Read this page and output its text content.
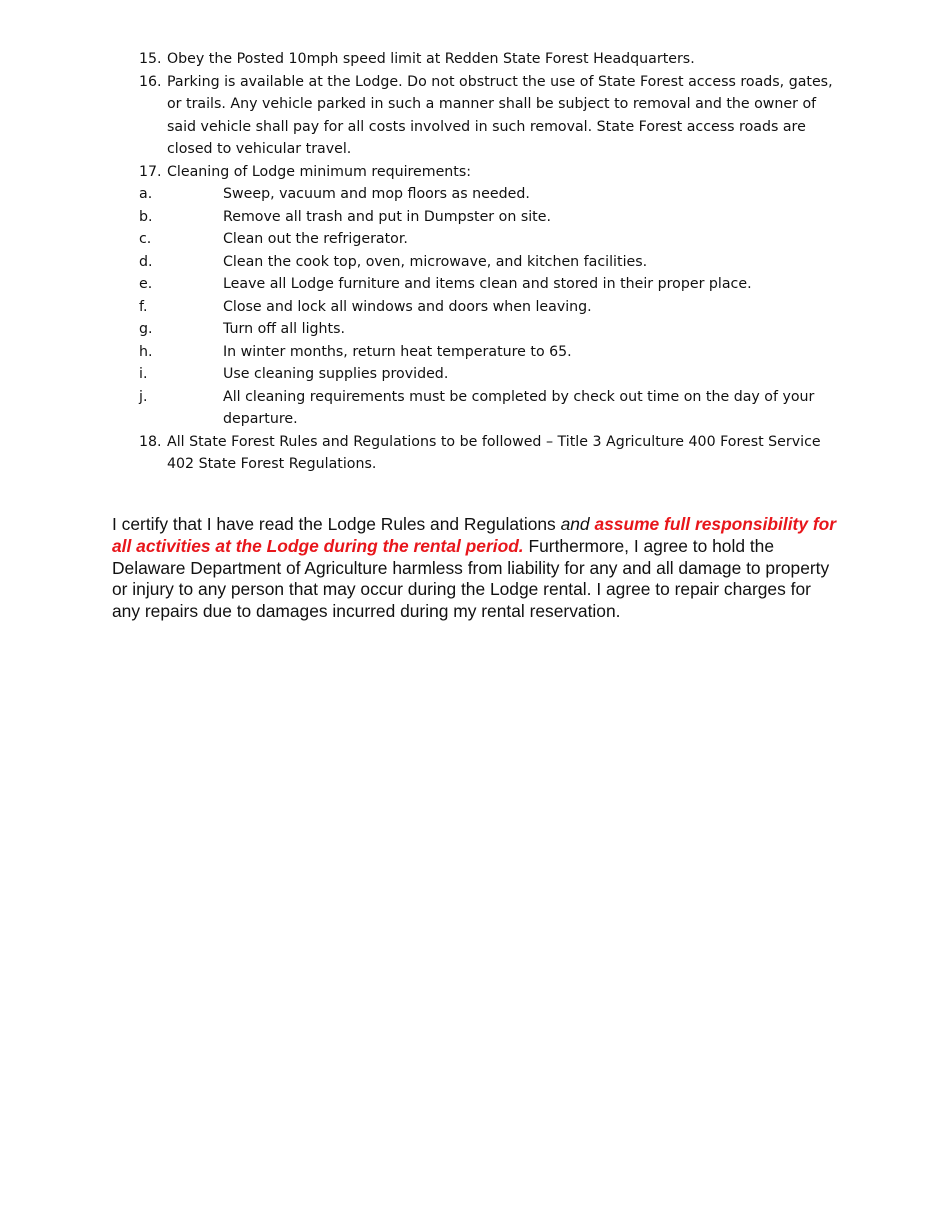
15. Obey the Posted 10mph speed limit at Redden State Forest Headquarters.
16. Parking is available at the Lodge. Do not obstruct the use of State Forest access roads, gates, or trails. Any vehicle parked in such a manner shall be subject to removal and the owner of said vehicle shall pay for all costs involved in such removal. State Forest access roads are closed to vehicular travel.
17. Cleaning of Lodge minimum requirements:
a.	Sweep, vacuum and mop floors as needed.
b.	Remove all trash and put in Dumpster on site.
c.	Clean out the refrigerator.
d.	Clean the cook top, oven, microwave, and kitchen facilities.
e.	Leave all Lodge furniture and items clean and stored in their proper place.
f.	Close and lock all windows and doors when leaving.
g.	Turn off all lights.
h.	In winter months, return heat temperature to 65.
i.	Use cleaning supplies provided.
j.	All cleaning requirements must be completed by check out time on the day of your departure.
18. All State Forest Rules and Regulations to be followed – Title 3 Agriculture 400 Forest Service 402 State Forest Regulations.

I certify that I have read the Lodge Rules and Regulations and assume full responsibility for all activities at the Lodge during the rental period. Furthermore, I agree to hold the Delaware Department of Agriculture harmless from liability for any and all damage to property or injury to any person that may occur during the Lodge rental. I agree to repair charges for any repairs due to damages incurred during my rental reservation.
